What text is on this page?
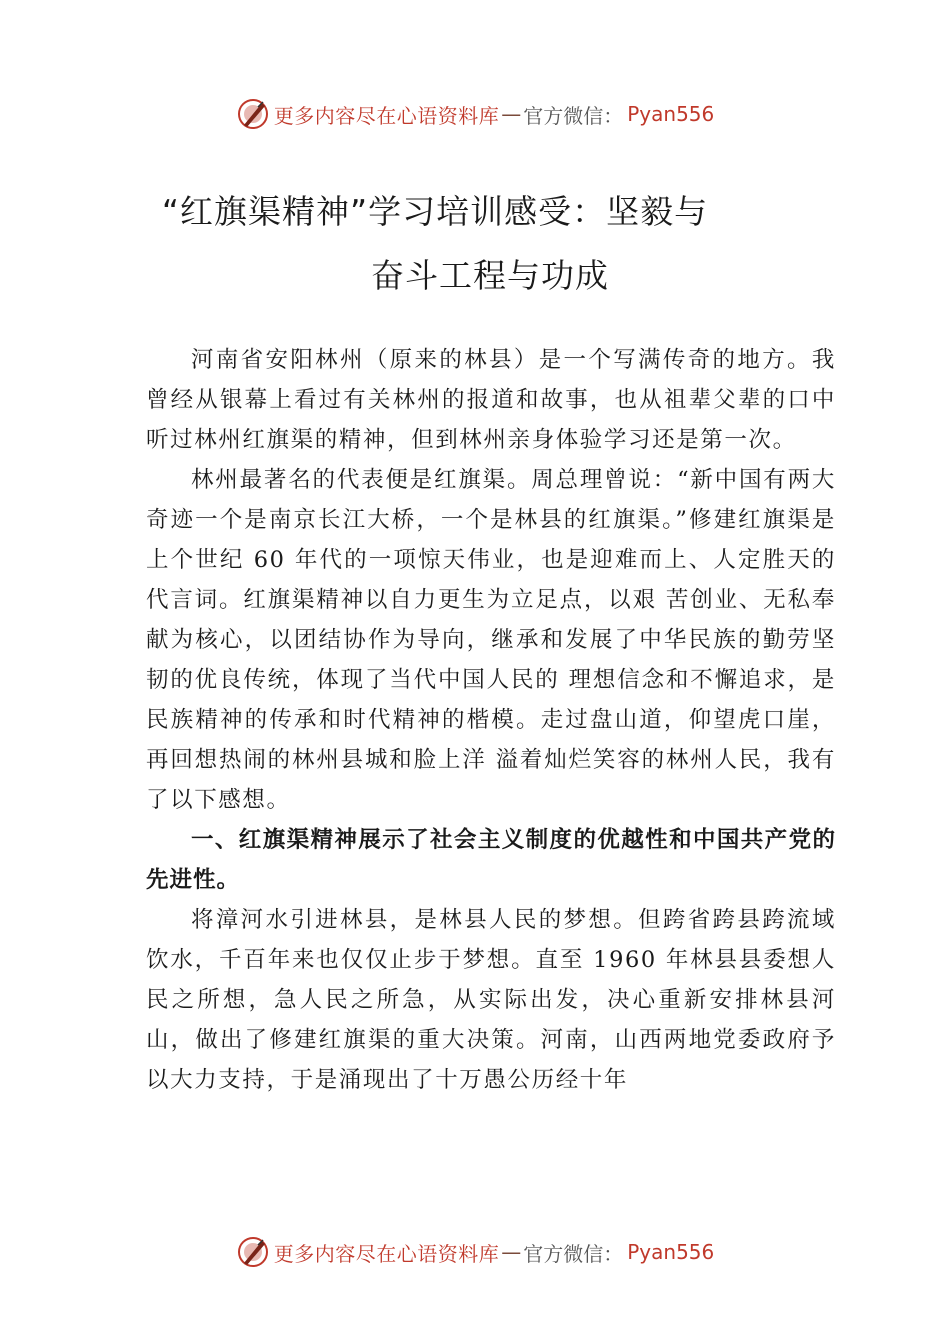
更多内容尽在心语资料库 — 官方微信： Pyan556
“红旗渠精神”学习培训感受：坚毅与
奋斗工程与功成

河南省安阳林州（原来的林县）是一个写满传奇的地方。我曾经从银幕上看过有关林州的报道和故事，也从祖辈父辈的口中听过林州红旗渠的精神，但到林州亲身体验学习还是第一次。

林州最著名的代表便是红旗渠。周总理曾说：“新中国有两大奇迹一个是南京长江大桥，一个是林县的红旗渠。”修建红旗渠是上个世纪 60 年代的一项惊天伟业，也是迎难而上、人定胜天的代言词。红旗渠精神以自力更生为立足点，以艰 苦创业、无私奉献为核心，以团结协作为导向，继承和发展了中华民族的勤劳坚韧的优良传统，体现了当代中国人民的 理想信念和不懈追求，是民族精神的传承和时代精神的楷模。走过盘山道，仰望虎口崖，再回想热闹的林州县城和脸上洋 溢着灿烂笑容的林州人民，我有了以下感想。

一、红旗渠精神展示了社会主义制度的优越性和中国共产党的先进性。

将漳河水引进林县，是林县人民的梦想。但跨省跨县跨流域饮水，千百年来也仅仅止步于梦想。直至 1960 年林县县委想人民之所想，急人民之所急，从实际出发，决心重新安排林县河山，做出了修建红旗渠的重大决策。河南，山西两地党委政府予以大力支持，于是涌现出了十万愚公历经十年

更多内容尽在心语资料库 — 官方微信： Pyan556
